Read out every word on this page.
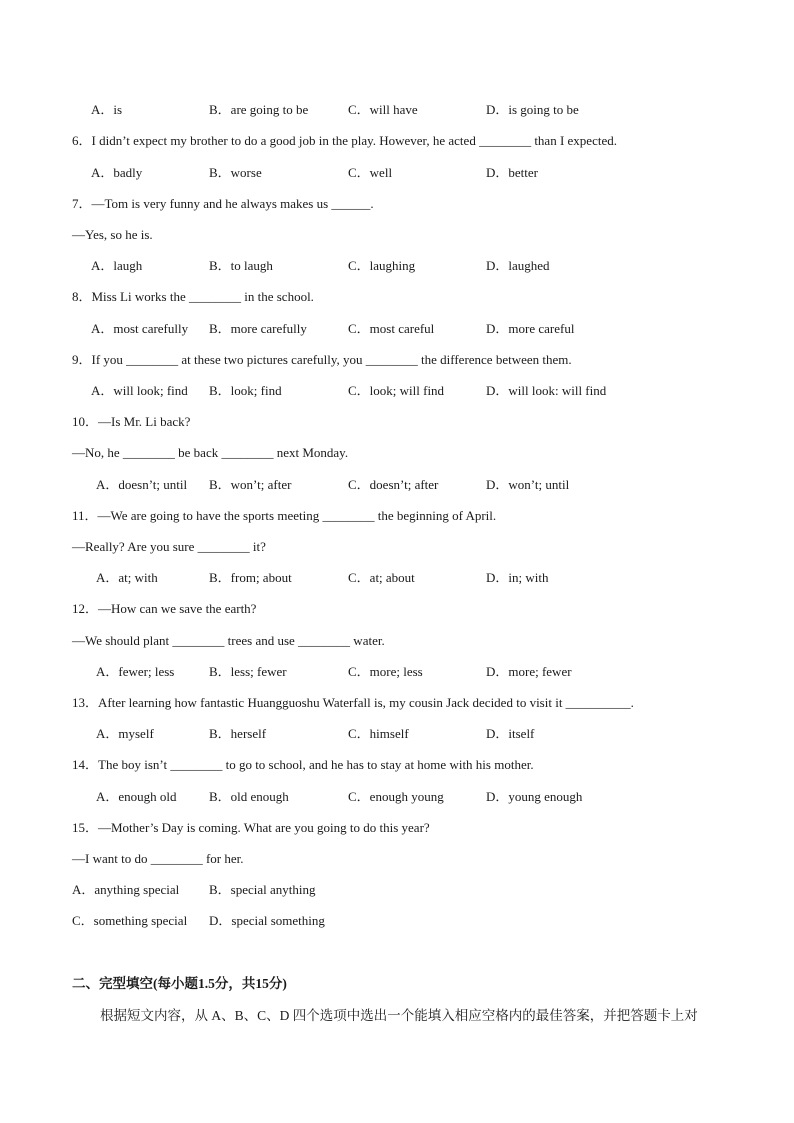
A．is	B．are going to be	C．will have	D．is going to be
6．I didn’t expect my brother to do a good job in the play. However, he acted ________ than I expected.
A．badly	B．worse	C．well	D．better
7．—Tom is very funny and he always makes us ______.
—Yes, so he is.
A．laugh	B．to laugh	C．laughing	D．laughed
8．Miss Li works the ________ in the school.
A．most carefully B．more carefully	C．most careful	D．more careful
9．If you ________ at these two pictures carefully, you ________ the difference between them.
A．will look; find B．look; find	C．look; will find	D．will look: will find
10．—Is Mr. Li back?
—No, he ________ be back ________ next Monday.
A．doesn’t; until B．won’t; after	C．doesn’t; after	D．won’t; until
11．—We are going to have the sports meeting ________ the beginning of April.
—Really? Are you sure ________ it?
A．at; with	B．from; about	C．at; about	D．in; with
12．—How can we save the earth?
—We should plant ________ trees and use ________ water.
A．fewer; less	B．less; fewer	C．more; less	D．more; fewer
13．After learning how fantastic Huangguoshu Waterfall is, my cousin Jack decided to visit it __________.
A．myself	B．herself	C．himself	D．itself
14．The boy isn’t ________ to go to school, and he has to stay at home with his mother.
A．enough old B．old enough	C．enough young	D．young enough
15．—Mother’s Day is coming. What are you going to do this year?
—I want to do ________ for her.
A．anything special B．special anything
C．something special D．special something
二、完型填空(每小题1.5分，共15分)
根据短文内容，从 A、B、C、D 四个选项中选出一个能填入相应空格内的最佳答案，并把答题卡上对
